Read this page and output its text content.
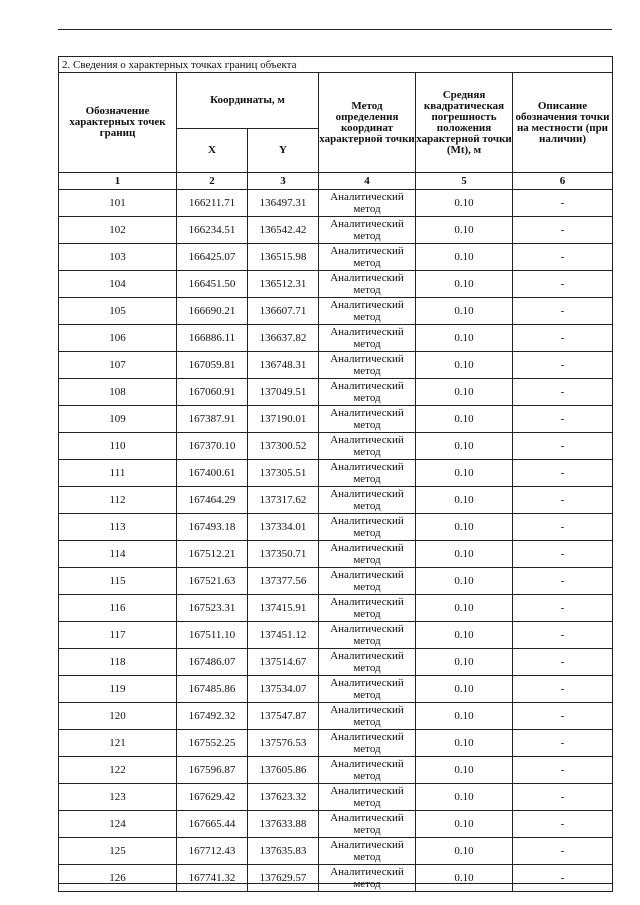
2. Сведения о характерных точках границ объекта					
Обозначение характерных точек границ	Координаты, м		Метод определения координат характерной точки	Средняя квадратическая погрешность положения характерной точки (Mt), м	Описание обозначения точки на местности (при наличии)
	X	Y			
1	2	3	4	5	6
101	166211.71	136497.31	Аналитический метод	0.10	-
102	166234.51	136542.42	Аналитический метод	0.10	-
103	166425.07	136515.98	Аналитический метод	0.10	-
104	166451.50	136512.31	Аналитический метод	0.10	-
105	166690.21	136607.71	Аналитический метод	0.10	-
106	166886.11	136637.82	Аналитический метод	0.10	-
107	167059.81	136748.31	Аналитический метод	0.10	-
108	167060.91	137049.51	Аналитический метод	0.10	-
109	167387.91	137190.01	Аналитический метод	0.10	-
110	167370.10	137300.52	Аналитический метод	0.10	-
111	167400.61	137305.51	Аналитический метод	0.10	-
112	167464.29	137317.62	Аналитический метод	0.10	-
113	167493.18	137334.01	Аналитический метод	0.10	-
114	167512.21	137350.71	Аналитический метод	0.10	-
115	167521.63	137377.56	Аналитический метод	0.10	-
116	167523.31	137415.91	Аналитический метод	0.10	-
117	167511.10	137451.12	Аналитический метод	0.10	-
118	167486.07	137514.67	Аналитический метод	0.10	-
119	167485.86	137534.07	Аналитический метод	0.10	-
120	167492.32	137547.87	Аналитический метод	0.10	-
121	167552.25	137576.53	Аналитический метод	0.10	-
122	167596.87	137605.86	Аналитический метод	0.10	-
123	167629.42	137623.32	Аналитический метод	0.10	-
124	167665.44	137633.88	Аналитический метод	0.10	-
125	167712.43	137635.83	Аналитический метод	0.10	-
126	167741.32	137629.57	Аналитический метод	0.10	-
